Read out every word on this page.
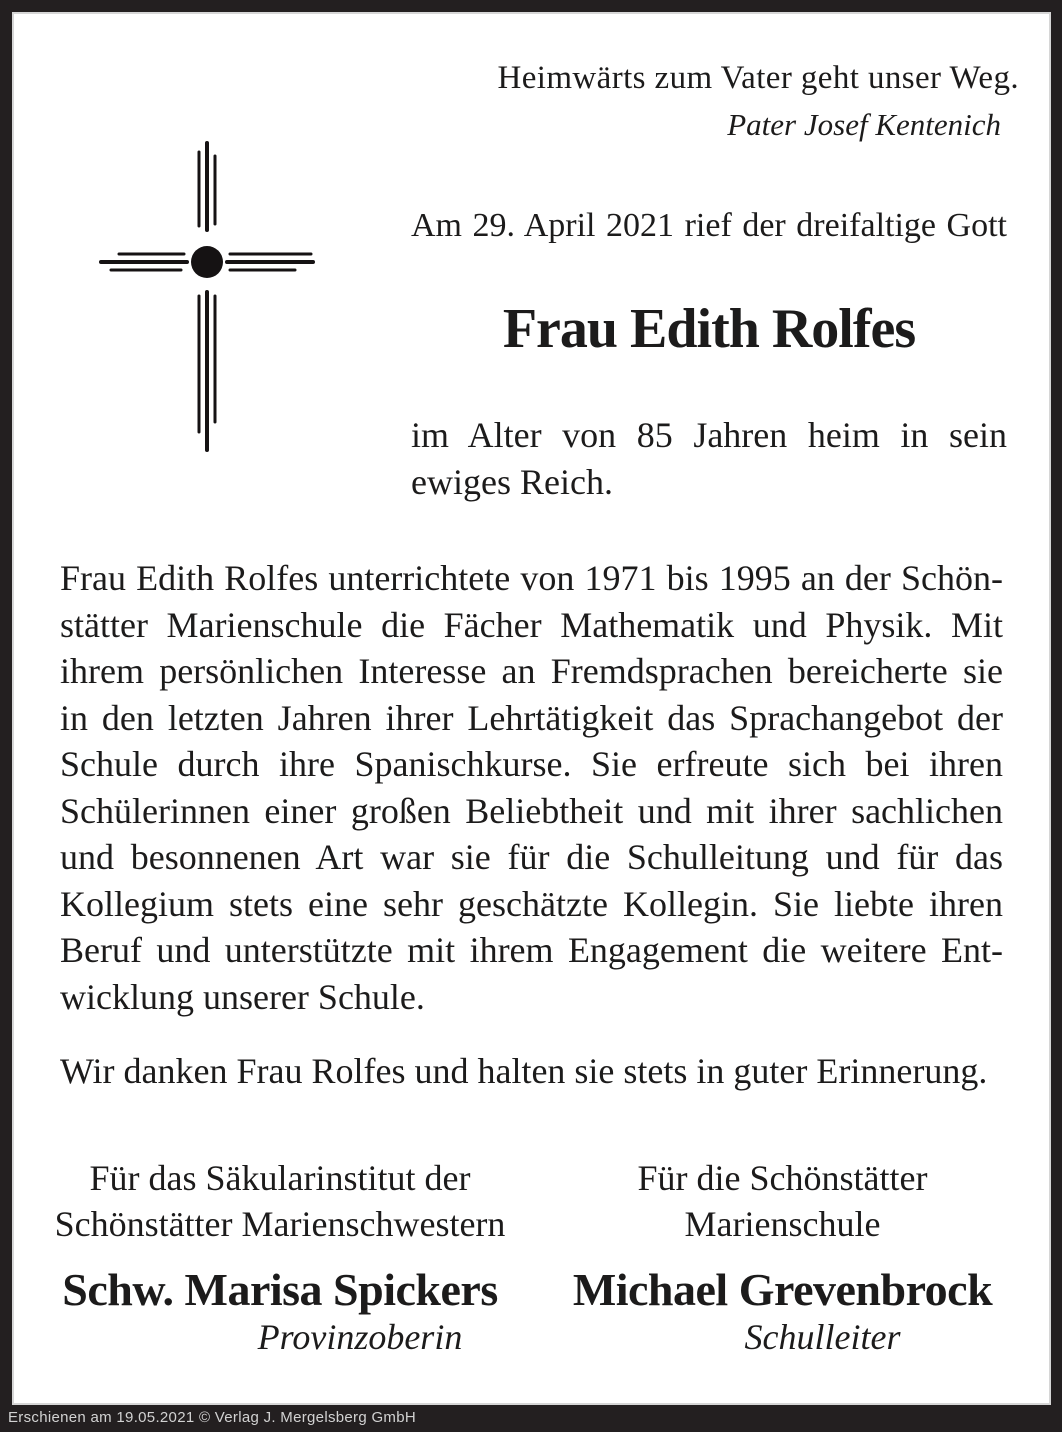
Heimwärts zum Vater geht unser Weg.
Pater Josef Kentenich
Am 29. April 2021 rief der dreifaltige Gott
Frau Edith Rolfes
im Alter von 85 Jahren heim in sein
ewiges Reich.
Frau Edith Rolfes unterrichtete von 1971 bis 1995 an der Schön-
stätter Marienschule die Fächer Mathematik und Physik. Mit
ihrem persönlichen Interesse an Fremdsprachen bereicherte sie
in den letzten Jahren ihrer Lehrtätigkeit das Sprachangebot der
Schule durch ihre Spanischkurse. Sie erfreute sich bei ihren
Schülerinnen einer großen Beliebtheit und mit ihrer sachlichen
und besonnenen Art war sie für die Schulleitung und für das
Kollegium stets eine sehr geschätzte Kollegin. Sie liebte ihren
Beruf und unterstützte mit ihrem Engagement die weitere Ent-
wicklung unserer Schule.
Wir danken Frau Rolfes und halten sie stets in guter Erinnerung.
Für das Säkularinstitut der
Schönstätter Marienschwestern
Schw. Marisa Spickers
Provinzoberin
Für die Schönstätter
Marienschule
Michael Grevenbrock
Schulleiter
Erschienen am 19.05.2021 © Verlag J. Mergelsberg GmbH
